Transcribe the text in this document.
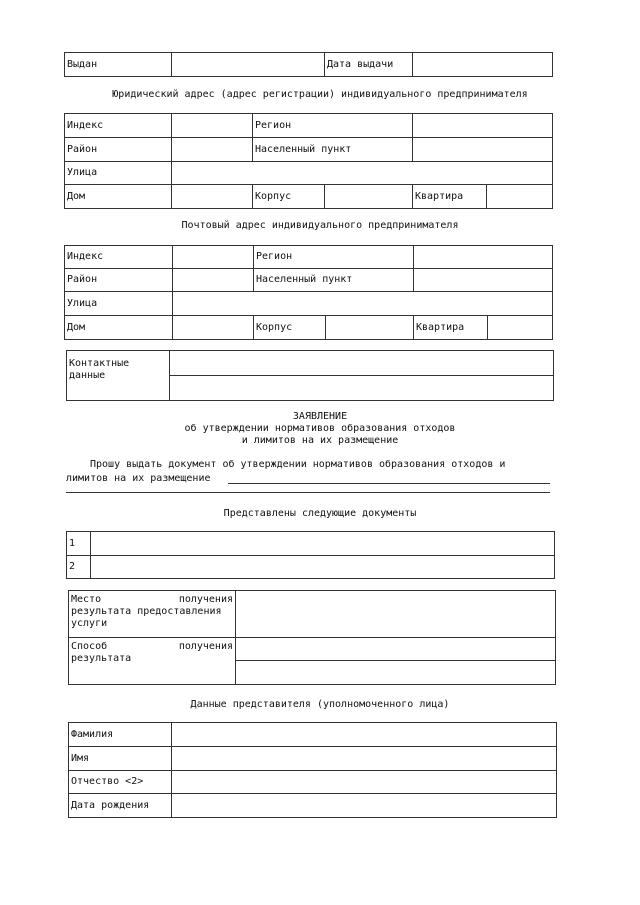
Выдан		Дата выдачи	
Юридический адрес (адрес регистрации) индивидуального предпринимателя
Индекс		Регион			
Район		Населенный пункт			
Улица					
Дом		Корпус		Квартира	
Почтовый адрес индивидуального предпринимателя
Индекс		Регион			
Район		Населенный пункт			
Улица					
Дом		Корпус		Квартира	
Контактные
данные	

ЗАЯВЛЕНИЕ
об утверждении нормативов образования отходов
и лимитов на их размещение
Прошу выдать документ об утверждении нормативов образования отходов и
лимитов на их размещение
Представлены следующие документы
1	
2	
Место получения
результата предоставления
услуги	

Способ получения
результата	

Данные представителя (уполномоченного лица)
Фамилия	
Имя	
Отчество <2>	
Дата рождения	
